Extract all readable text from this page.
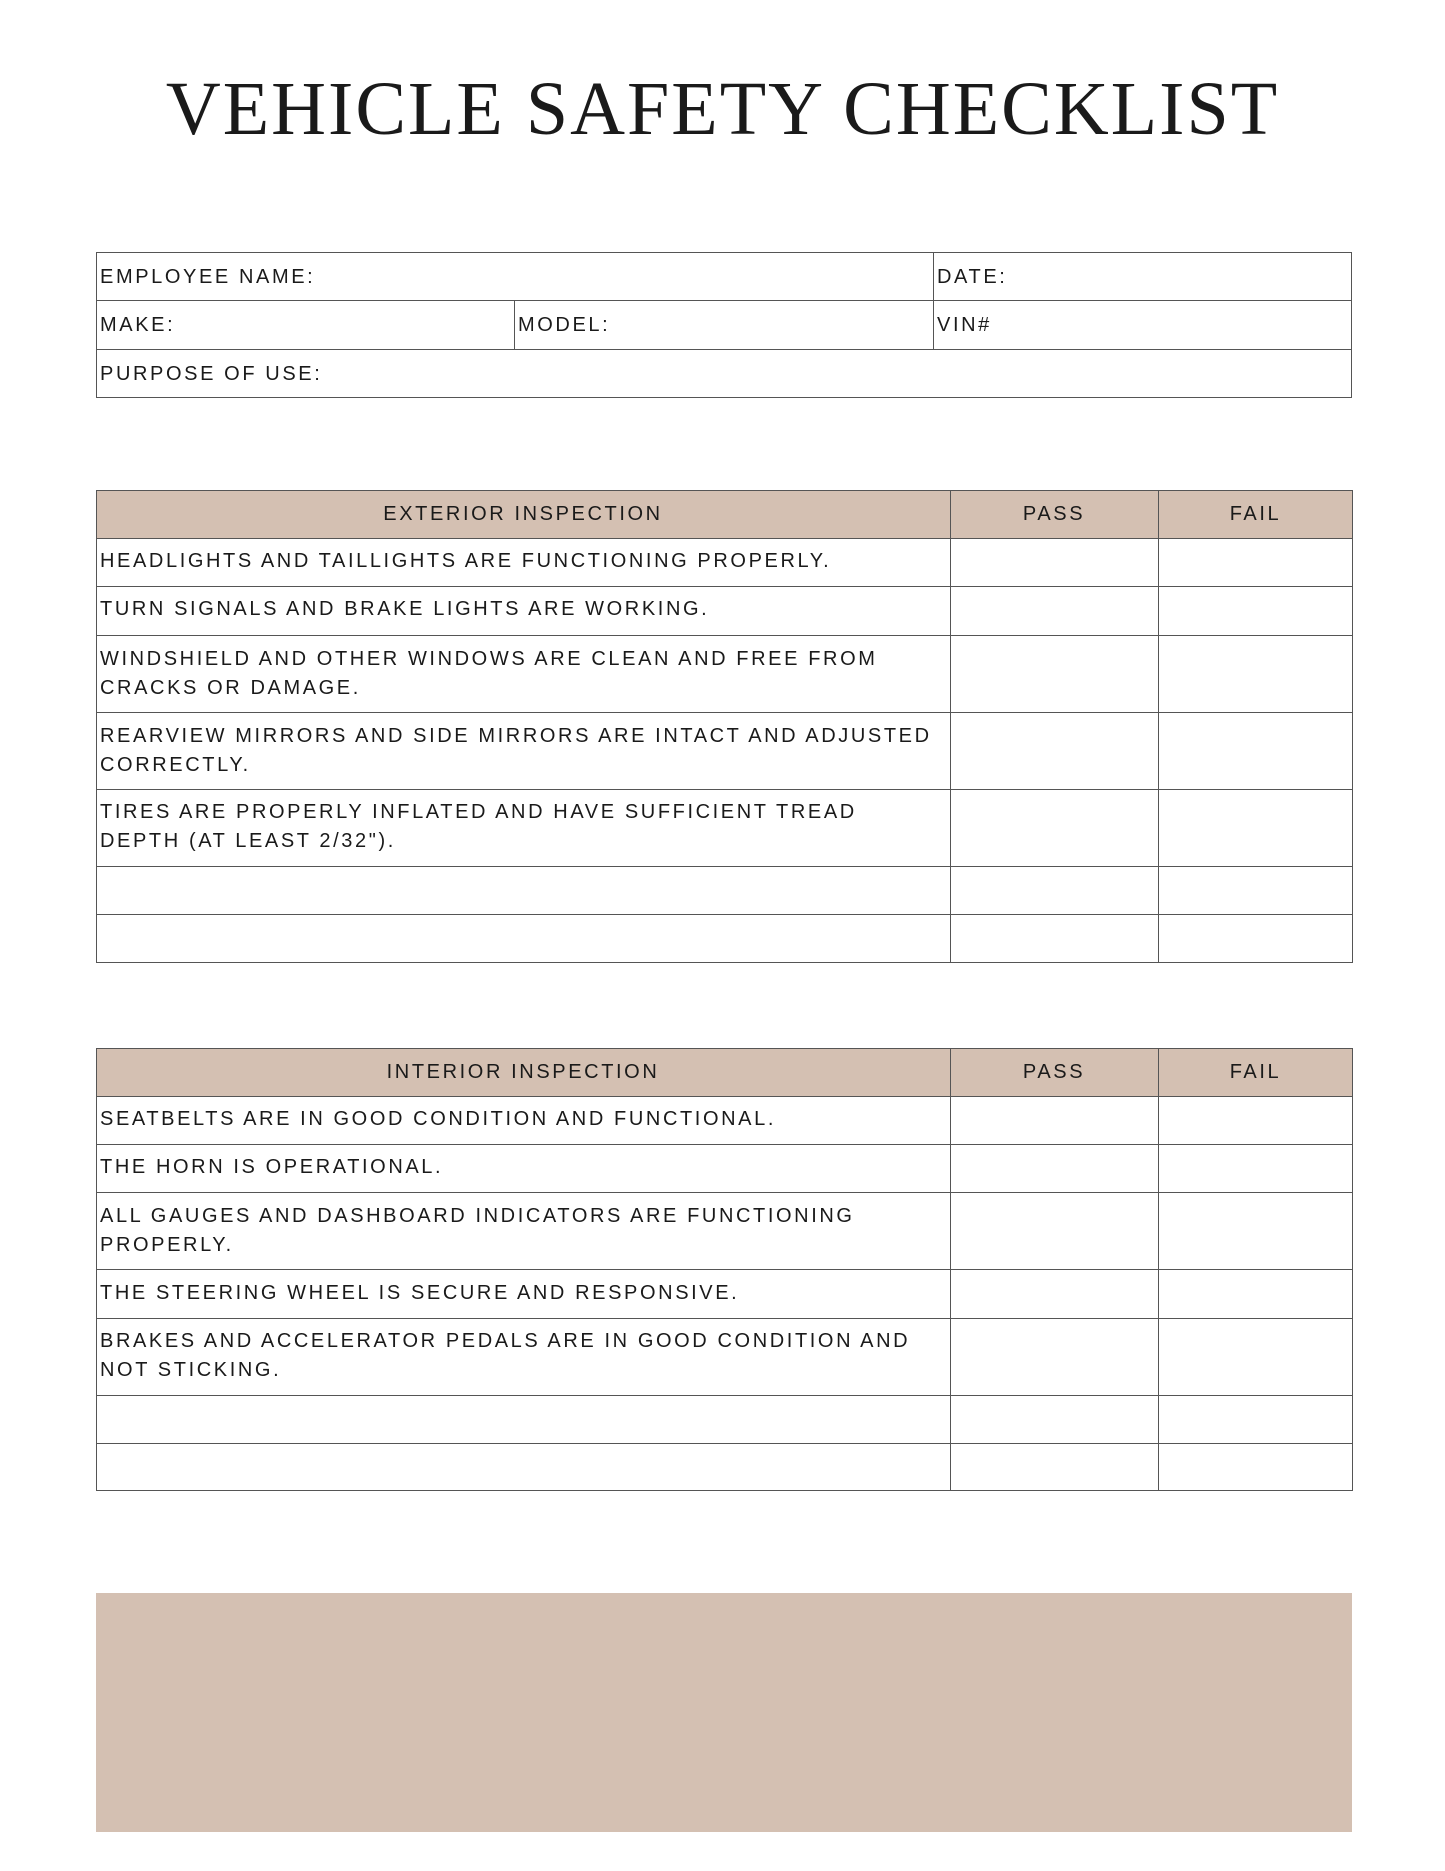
VEHICLE SAFETY CHECKLIST
EMPLOYEE NAME:	DATE:
MAKE:	MODEL:	VIN#
PURPOSE OF USE:
EXTERIOR INSPECTION	PASS	FAIL
HEADLIGHTS AND TAILLIGHTS ARE FUNCTIONING PROPERLY.
TURN SIGNALS AND BRAKE LIGHTS ARE WORKING.
WINDSHIELD AND OTHER WINDOWS ARE CLEAN AND FREE FROM CRACKS OR DAMAGE.
REARVIEW MIRRORS AND SIDE MIRRORS ARE INTACT AND ADJUSTED CORRECTLY.
TIRES ARE PROPERLY INFLATED AND HAVE SUFFICIENT TREAD DEPTH (AT LEAST 2/32").
INTERIOR INSPECTION	PASS	FAIL
SEATBELTS ARE IN GOOD CONDITION AND FUNCTIONAL.
THE HORN IS OPERATIONAL.
ALL GAUGES AND DASHBOARD INDICATORS ARE FUNCTIONING PROPERLY.
THE STEERING WHEEL IS SECURE AND RESPONSIVE.
BRAKES AND ACCELERATOR PEDALS ARE IN GOOD CONDITION AND NOT STICKING.
